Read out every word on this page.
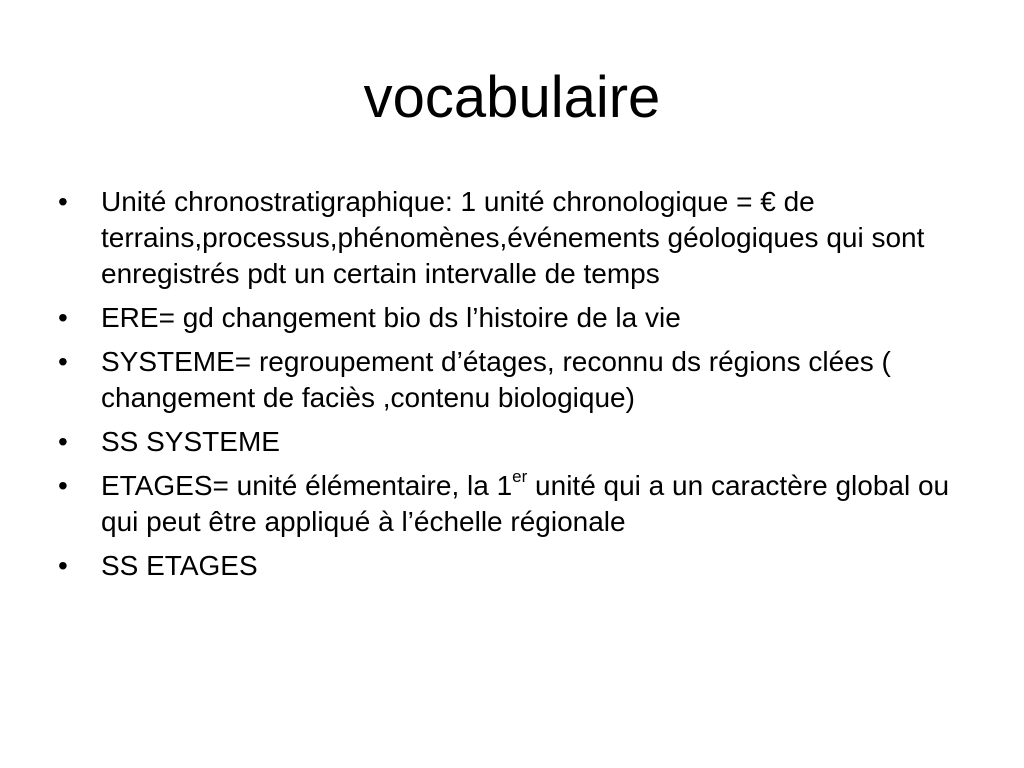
vocabulaire
•	Unité chronostratigraphique: 1 unité chronologique = € de terrains,processus,phénomènes,événements géologiques qui sont enregistrés pdt un certain intervalle de temps
•	ERE= gd changement bio ds l’histoire de la vie
•	SYSTEME= regroupement d’étages, reconnu ds régions clées ( changement de faciès ,contenu biologique)
•	SS SYSTEME
•	ETAGES= unité élémentaire, la 1er unité qui a un caractère global ou qui peut être appliqué à l’échelle régionale
•	SS ETAGES
